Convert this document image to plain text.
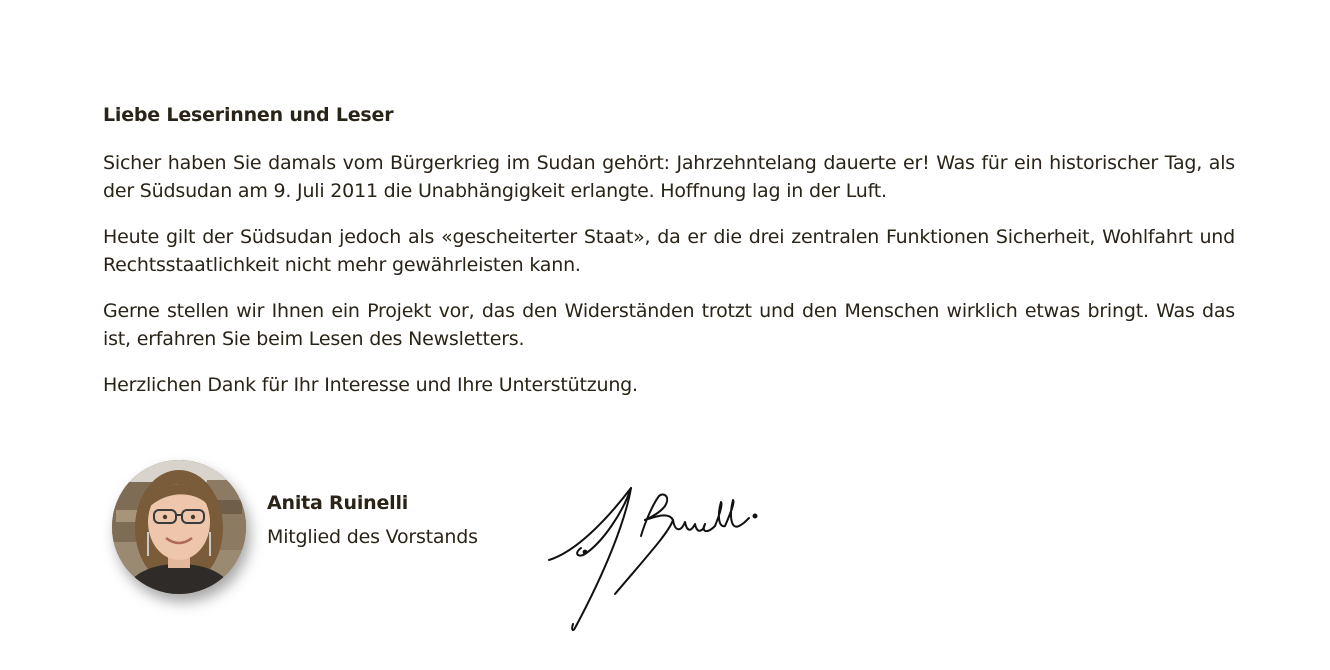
Liebe Leserinnen und Leser

Sicher haben Sie damals vom Bürgerkrieg im Sudan gehört: Jahrzehntelang dauerte er! Was für ein historischer Tag, als der Südsudan am 9. Juli 2011 die Unabhängigkeit erlangte. Hoffnung lag in der Luft.

Heute gilt der Südsudan jedoch als «gescheiterter Staat», da er die drei zentralen Funktionen Sicherheit, Wohlfahrt und Rechtsstaatlichkeit nicht mehr gewährleisten kann.

Gerne stellen wir Ihnen ein Projekt vor, das den Widerständen trotzt und den Menschen wirklich etwas bringt. Was das ist, erfahren Sie beim Lesen des Newsletters.

Herzlichen Dank für Ihr Interesse und Ihre Unterstützung.

Anita Ruinelli
Mitglied des Vorstands
